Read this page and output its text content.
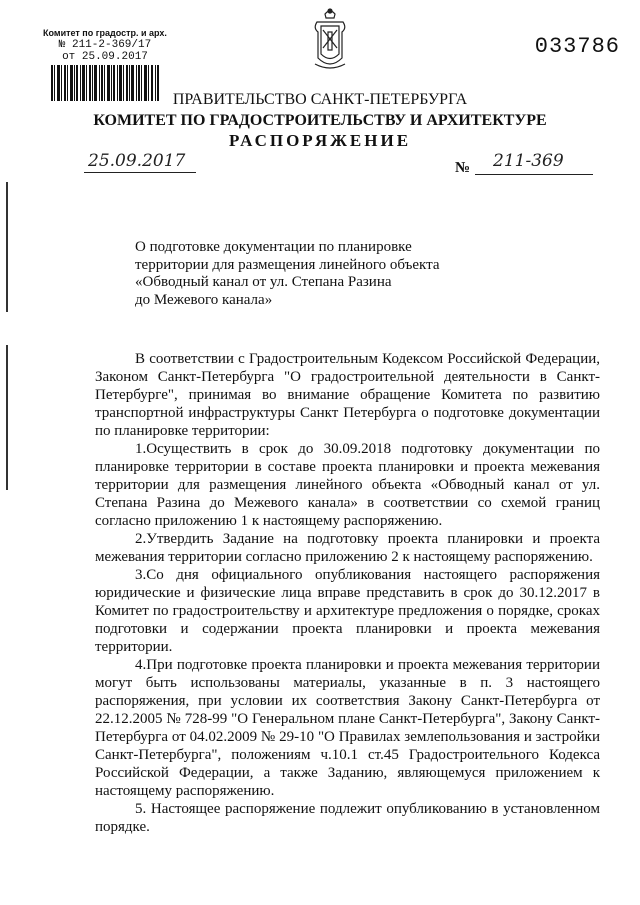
Комитет по градостр. и арх.
№ 211-2-369/17
от 25.09.2017	033786
ПРАВИТЕЛЬСТВО САНКТ-ПЕТЕРБУРГА
КОМИТЕТ ПО ГРАДОСТРОИТЕЛЬСТВУ И АРХИТЕКТУРЕ
РАСПОРЯЖЕНИЕ
25.09.2017	№ 211-369
О подготовке документации по планировке
территории для размещения линейного объекта
«Обводный канал от ул. Степана Разина
до Межевого канала»

В соответствии с Градостроительным Кодексом Российской Федерации, Законом Санкт-Петербурга "О градостроительной деятельности в Санкт-Петербурге", принимая во внимание обращение Комитета по развитию транспортной инфраструктуры Санкт Петербурга о подготовке документации по планировке территории:

1.Осуществить в срок до 30.09.2018 подготовку документации по планировке территории в составе проекта планировки и проекта межевания территории для размещения линейного объекта «Обводный канал от ул. Степана Разина до Межевого канала» в соответствии со схемой границ согласно приложению 1 к настоящему распоряжению.

2.Утвердить Задание на подготовку проекта планировки и проекта межевания территории согласно приложению 2 к настоящему распоряжению.

3.Со дня официального опубликования настоящего распоряжения юридические и физические лица вправе представить в срок до 30.12.2017 в Комитет по градостроительству и архитектуре предложения о порядке, сроках подготовки и содержании проекта планировки и проекта межевания территории.

4.При подготовке проекта планировки и проекта межевания территории могут быть использованы материалы, указанные в п. 3 настоящего распоряжения, при условии их соответствия Закону Санкт-Петербурга от 22.12.2005 № 728-99 "О Генеральном плане Санкт-Петербурга", Закону Санкт-Петербурга от 04.02.2009 № 29-10 "О Правилах землепользования и застройки Санкт-Петербурга", положениям ч.10.1 ст.45 Градостроительного Кодекса Российской Федерации, а также Заданию, являющемуся приложением к настоящему распоряжению.

5. Настоящее распоряжение подлежит опубликованию в установленном порядке.
